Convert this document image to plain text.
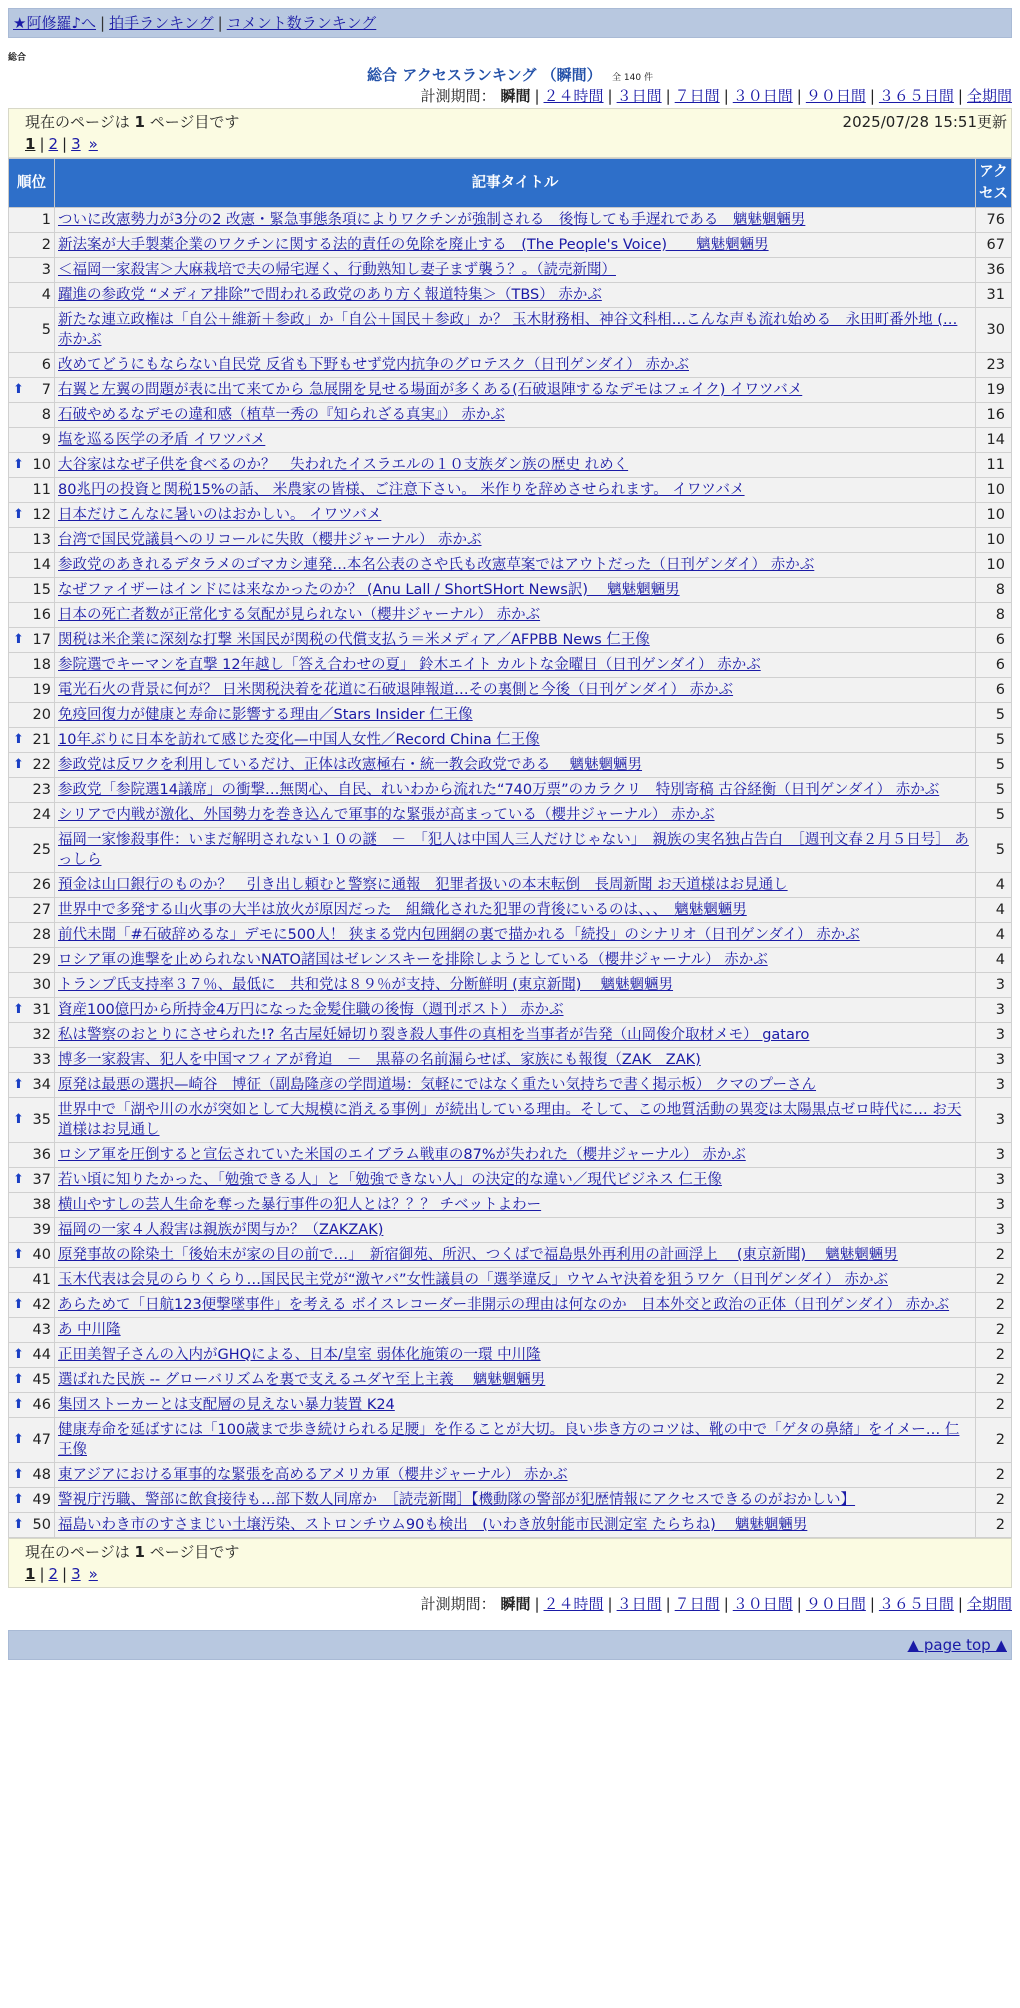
★阿修羅♪へ | 拍手ランキング | コメント数ランキング
総合
総合 アクセスランキング （瞬間） 全 140 件
計測期間： 瞬間 | ２４時間 | ３日間 | ７日間 | ３０日間 | ９０日間 | ３６５日間 | 全期間
現在のページは 1 ページ目です	2025/07/28 15:51更新
1 | 2 | 3 »
順位	記事タイトル	アクセス
1	ついに改憲勢力が3分の2 改憲・緊急事態条項によりワクチンが強制される　後悔しても手遅れである　魑魅魍魎男	76
2	新法案が大手製薬企業のワクチンに関する法的責任の免除を廃止する　(The People's Voice)　　魑魅魍魎男	67
3	＜福岡一家殺害＞大麻栽培で夫の帰宅遅く、行動熟知し妻子まず襲う？。（読売新聞）	36
4	躍進の参政党 “メディア排除”で問われる政党のあり方く報道特集＞（TBS） 赤かぶ	31
5	新たな連立政権は「自公＋維新＋参政」か「自公＋国民＋参政」か？ 玉木財務相、神谷文科相…こんな声も流れ始める　永田町番外地 (… 赤かぶ	30
6	改めてどうにもならない自民党 反省も下野もせず党内抗争のグロテスク（日刊ゲンダイ） 赤かぶ	23

⬆ 7	右翼と左翼の問題が表に出て来てから 急展開を見せる場面が多くある(石破退陣するなデモはフェイク) イワツバメ	19
8	石破やめるなデモの違和感（植草一秀の『知られざる真実』） 赤かぶ	16
9	塩を巡る医学の矛盾 イワツバメ	14

⬆ 10	大谷家はなぜ子供を食べるのか？　失われたイスラエルの１０支族ダン族の歴史 れめく	11
11	80兆円の投資と関税15%の話、 米農家の皆様、ご注意下さい。 米作りを辞めさせられます。 イワツバメ	10

⬆ 12	日本だけこんなに暑いのはおかしい。 イワツバメ	10
13	台湾で国民党議員へのリコールに失敗（櫻井ジャーナル） 赤かぶ	10
14	参政党のあきれるデタラメのゴマカシ連発…本名公表のさや氏も改憲草案ではアウトだった（日刊ゲンダイ） 赤かぶ	10
15	なぜファイザーはインドには来なかったのか？ (Anu Lall / ShortSHort News訳)　 魑魅魍魎男	8
16	日本の死亡者数が正常化する気配が見られない（櫻井ジャーナル） 赤かぶ	8

⬆ 17	関税は米企業に深刻な打撃 米国民が関税の代償支払う＝米メディア／AFPBB News 仁王像	6
18	参院選でキーマンを直撃 12年越し「答え合わせの夏」 鈴木エイト カルトな金曜日（日刊ゲンダイ） 赤かぶ	6
19	電光石火の背景に何が？ 日米関税決着を花道に石破退陣報道…その裏側と今後（日刊ゲンダイ） 赤かぶ	6
20	免疫回復力が健康と寿命に影響する理由／Stars Insider 仁王像	5

⬆ 21	10年ぶりに日本を訪れて感じた変化—中国人女性／Record China 仁王像	5

⬆ 22	参政党は反ワクを利用しているだけ、正体は改憲極右・統一教会政党である　 魑魅魍魎男	5
23	参政党「参院選14議席」の衝撃…無関心、自民、れいわから流れた“740万票”のカラクリ　特別寄稿 古谷経衡（日刊ゲンダイ） 赤かぶ	5
24	シリアで内戦が激化、外国勢力を巻き込んで軍事的な緊張が高まっている（櫻井ジャーナル） 赤かぶ	5
25	福岡一家惨殺事件：いまだ解明されない１０の謎　－　「犯人は中国人三人だけじゃない」　親族の実名独占告白　［週刊文春２月５日号］ あっしら	5
26	預金は山口銀行のものか？　引き出し頼むと警察に通報　犯罪者扱いの本末転倒　長周新聞 お天道様はお見通し	4
27	世界中で多発する山火事の大半は放火が原因だった　組織化された犯罪の背後にいるのは、、、　魑魅魍魎男	4
28	前代未聞「#石破辞めるな」デモに500人！ 狭まる党内包囲網の裏で描かれる「続投」のシナリオ（日刊ゲンダイ） 赤かぶ	4
29	ロシア軍の進撃を止められないNATO諸国はゼレンスキーを排除しようとしている（櫻井ジャーナル） 赤かぶ	4
30	トランプ氏支持率３７％、最低に　共和党は８９％が支持、分断鮮明 (東京新聞)　 魑魅魍魎男	3

⬆ 31	資産100億円から所持金4万円になった金髪住職の後悔（週刊ポスト） 赤かぶ	3
32	私は警察のおとりにさせられた!? 名古屋妊婦切り裂き殺人事件の真相を当事者が告発（山岡俊介取材メモ） gataro	3
33	博多一家殺害、犯人を中国マフィアが脅迫　－　黒幕の名前漏らせば、家族にも報復（ZAK　ZAK)	3

⬆ 34	原発は最悪の選択—崎谷　博征（副島隆彦の学問道場：気軽にではなく重たい気持ちで書く掲示板） クマのプーさん	3

⬆ 35	世界中で「湖や川の水が突如として大規模に消える事例」が続出している理由。そして、この地質活動の異変は太陽黒点ゼロ時代に… お天道様はお見通し	3
36	ロシア軍を圧倒すると宣伝されていた米国のエイブラム戦車の87%が失われた（櫻井ジャーナル） 赤かぶ	3

⬆ 37	若い頃に知りたかった、「勉強できる人」と「勉強できない人」の決定的な違い／現代ビジネス 仁王像	3
38	横山やすしの芸人生命を奪った暴行事件の犯人とは？？？ チベットよわー	3
39	福岡の一家４人殺害は親族が関与か？（ZAKZAK)	3

⬆ 40	原発事故の除染土「後始末が家の目の前で…」　新宿御苑、所沢、つくばで福島県外再利用の計画浮上　 (東京新聞)　 魑魅魍魎男	2
41	玉木代表は会見のらりくらり…国民民主党が“激ヤバ”女性議員の「選挙違反」ウヤムヤ決着を狙うワケ（日刊ゲンダイ） 赤かぶ	2

⬆ 42	あらためて「日航123便撃墜事件」を考える ボイスレコーダー非開示の理由は何なのか　日本外交と政治の正体（日刊ゲンダイ） 赤かぶ	2
43	あ 中川隆	2

⬆ 44	正田美智子さんの入内がGHQによる、日本/皇室 弱体化施策の一環 中川隆	2

⬆ 45	選ばれた民族 -- グローバリズムを裏で支えるユダヤ至上主義　 魑魅魍魎男	2

⬆ 46	集団ストーカーとは支配層の見えない暴力装置 K24	2

⬆ 47	健康寿命を延ばすには「100歳まで歩き続けられる足腰」を作ることが大切。良い歩き方のコツは、靴の中で「ゲタの鼻緒」をイメー… 仁王像	2

⬆ 48	東アジアにおける軍事的な緊張を高めるアメリカ軍（櫻井ジャーナル） 赤かぶ	2

⬆ 49	警視庁汚職、警部に飲食接待も…部下数人同席か　［読売新聞］【機動隊の警部が犯歴情報にアクセスできるのがおかしい】	2

⬆ 50	福島いわき市のすさまじい土壌汚染、ストロンチウム90も検出　(いわき放射能市民測定室 たらちね)　 魑魅魍魎男	2
現在のページは 1 ページ目です
1 | 2 | 3 »
計測期間： 瞬間 | ２４時間 | ３日間 | ７日間 | ３０日間 | ９０日間 | ３６５日間 | 全期間
▲ page top ▲
